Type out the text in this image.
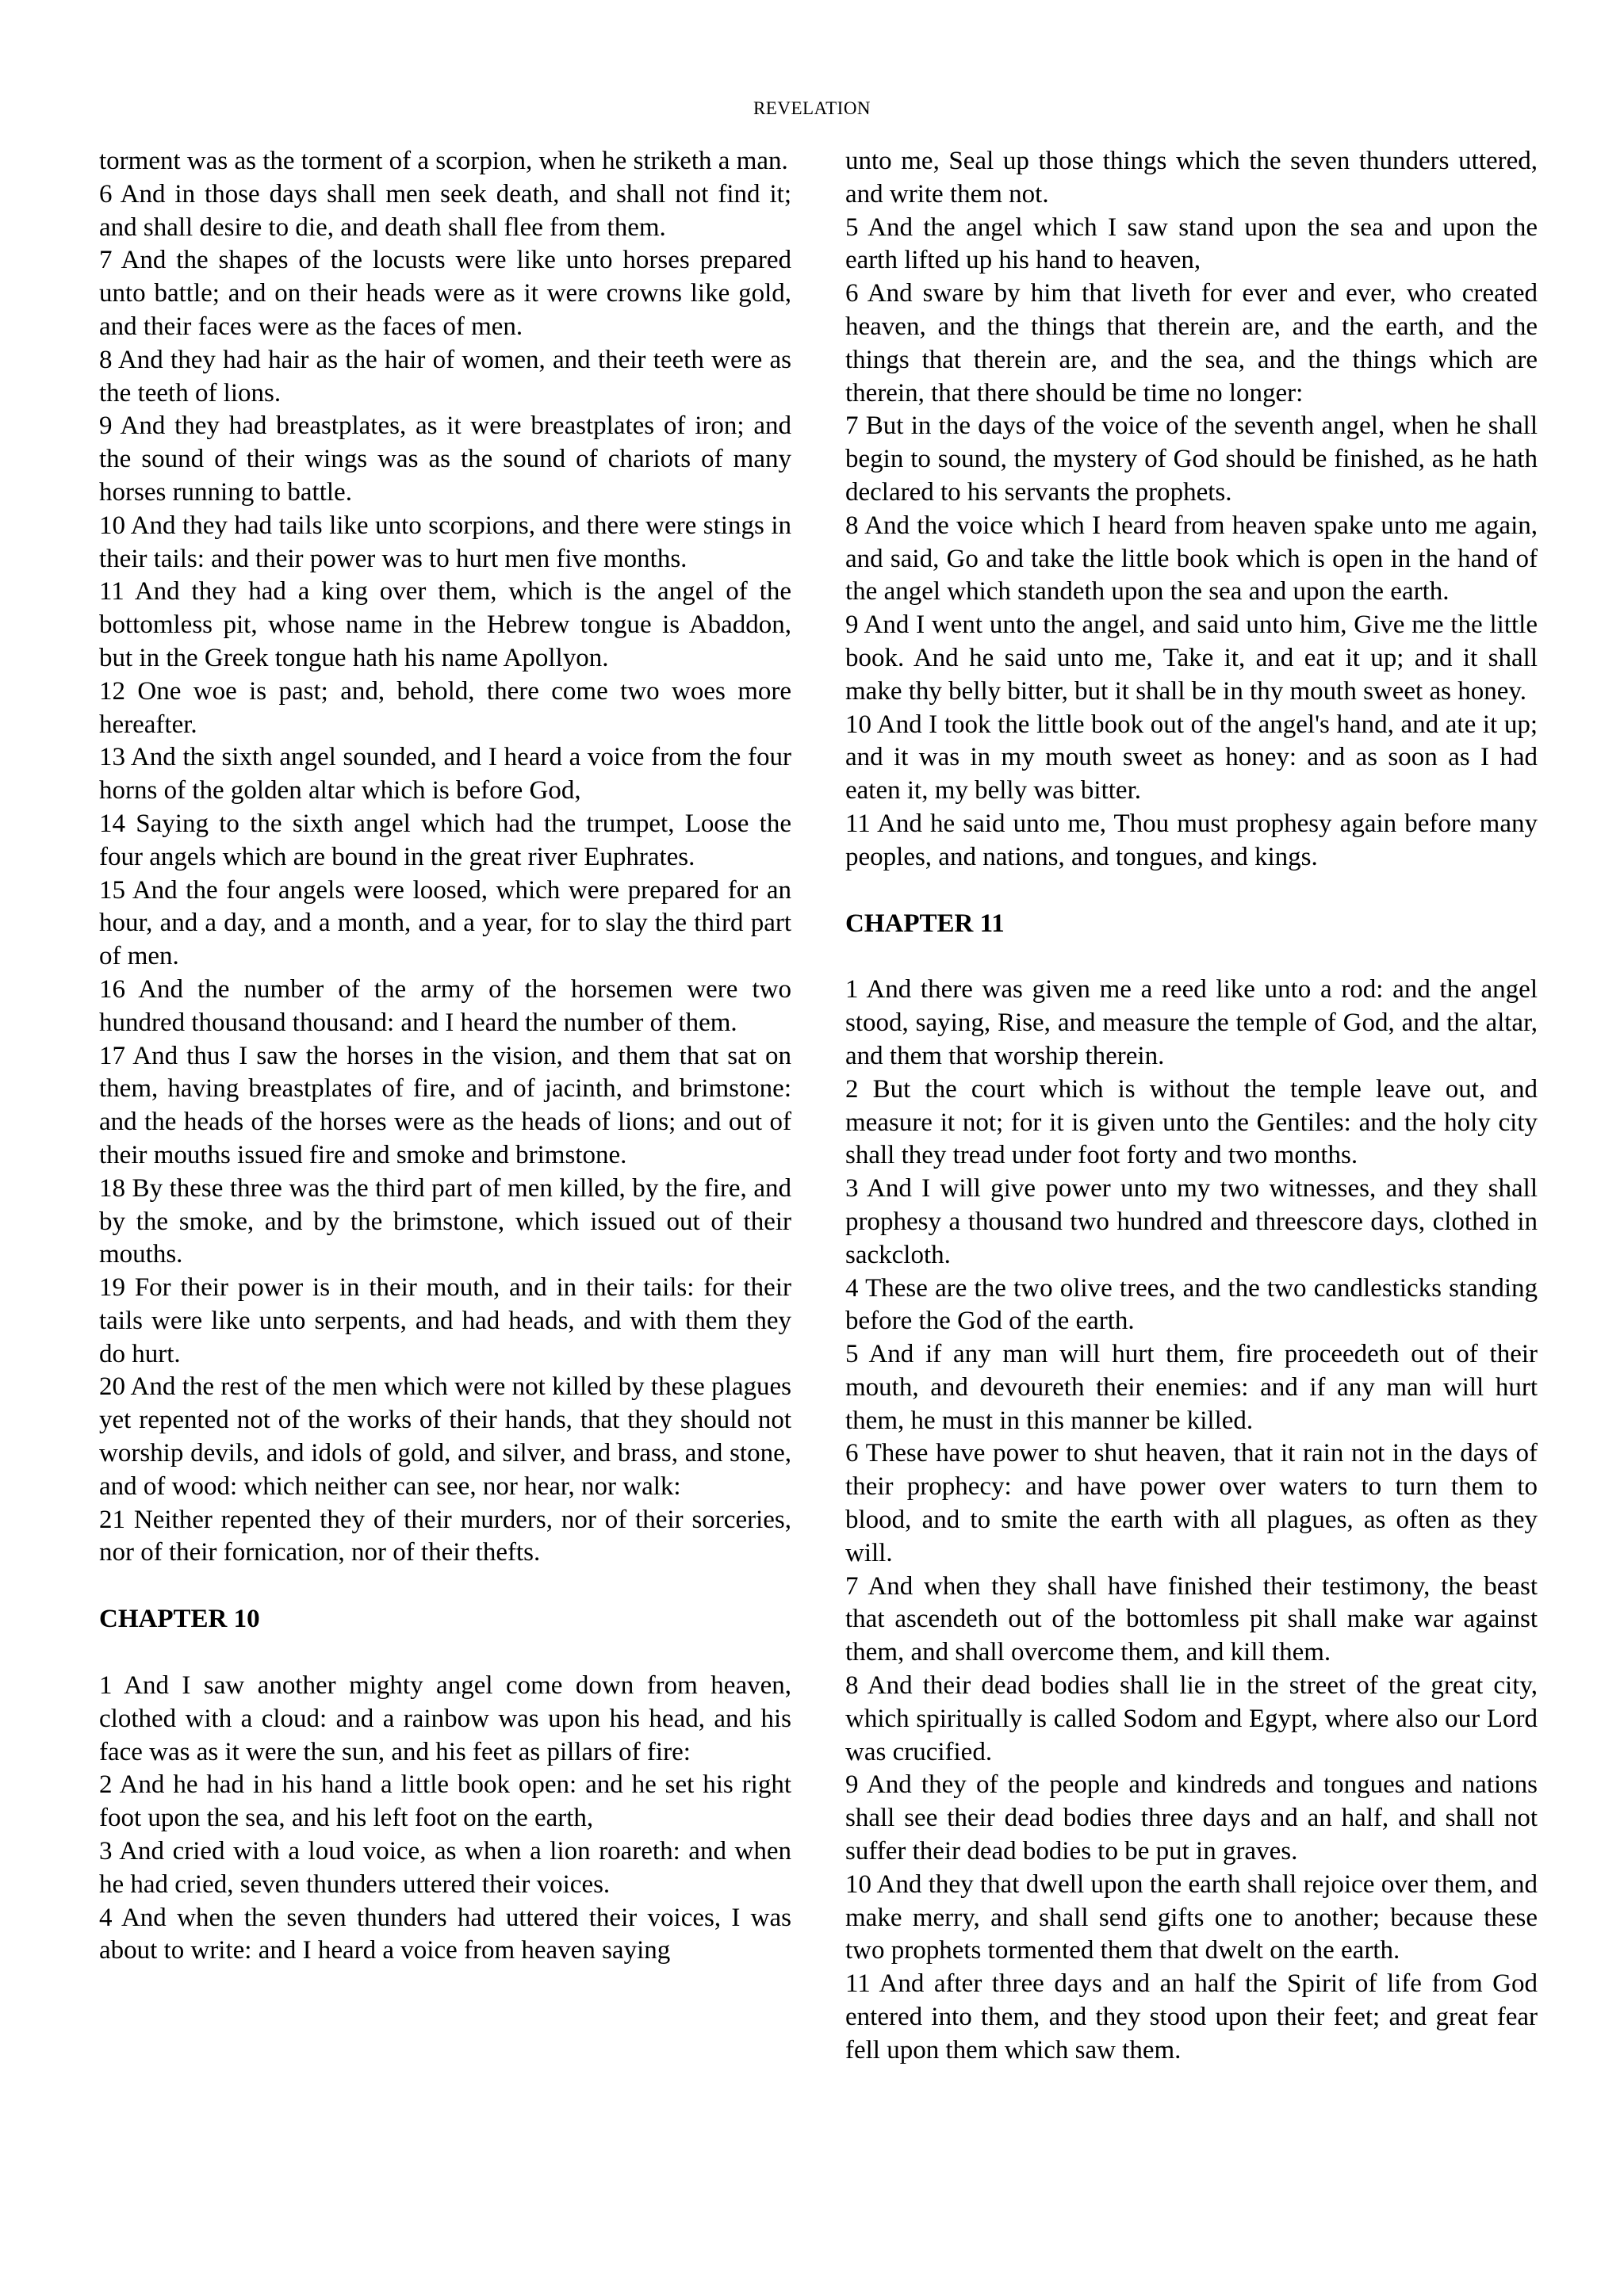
REVELATION

torment was as the torment of a scorpion, when he striketh a man.

6 And in those days shall men seek death, and shall not find it; and shall desire to die, and death shall flee from them.

7 And the shapes of the locusts were like unto horses prepared unto battle; and on their heads were as it were crowns like gold, and their faces were as the faces of men.

8 And they had hair as the hair of women, and their teeth were as the teeth of lions.

9 And they had breastplates, as it were breastplates of iron; and the sound of their wings was as the sound of chariots of many horses running to battle.

10 And they had tails like unto scorpions, and there were stings in their tails: and their power was to hurt men five months.

11 And they had a king over them, which is the angel of the bottomless pit, whose name in the Hebrew tongue is Abaddon, but in the Greek tongue hath his name Apollyon.

12 One woe is past; and, behold, there come two woes more hereafter.

13 And the sixth angel sounded, and I heard a voice from the four horns of the golden altar which is before God,

14 Saying to the sixth angel which had the trumpet, Loose the four angels which are bound in the great river Euphrates.

15 And the four angels were loosed, which were prepared for an hour, and a day, and a month, and a year, for to slay the third part of men.

16 And the number of the army of the horsemen were two hundred thousand thousand: and I heard the number of them.

17 And thus I saw the horses in the vision, and them that sat on them, having breastplates of fire, and of jacinth, and brimstone: and the heads of the horses were as the heads of lions; and out of their mouths issued fire and smoke and brimstone.

18 By these three was the third part of men killed, by the fire, and by the smoke, and by the brimstone, which issued out of their mouths.

19 For their power is in their mouth, and in their tails: for their tails were like unto serpents, and had heads, and with them they do hurt.

20 And the rest of the men which were not killed by these plagues yet repented not of the works of their hands, that they should not worship devils, and idols of gold, and silver, and brass, and stone, and of wood: which neither can see, nor hear, nor walk:

21 Neither repented they of their murders, nor of their sorceries, nor of their fornication, nor of their thefts.

CHAPTER 10

1 And I saw another mighty angel come down from heaven, clothed with a cloud: and a rainbow was upon his head, and his face was as it were the sun, and his feet as pillars of fire:

2 And he had in his hand a little book open: and he set his right foot upon the sea, and his left foot on the earth,

3 And cried with a loud voice, as when a lion roareth: and when he had cried, seven thunders uttered their voices.

4 And when the seven thunders had uttered their voices, I was about to write: and I heard a voice from heaven saying

unto me, Seal up those things which the seven thunders uttered, and write them not.

5 And the angel which I saw stand upon the sea and upon the earth lifted up his hand to heaven,

6 And sware by him that liveth for ever and ever, who created heaven, and the things that therein are, and the earth, and the things that therein are, and the sea, and the things which are therein, that there should be time no longer:

7 But in the days of the voice of the seventh angel, when he shall begin to sound, the mystery of God should be finished, as he hath declared to his servants the prophets.

8 And the voice which I heard from heaven spake unto me again, and said, Go and take the little book which is open in the hand of the angel which standeth upon the sea and upon the earth.

9 And I went unto the angel, and said unto him, Give me the little book. And he said unto me, Take it, and eat it up; and it shall make thy belly bitter, but it shall be in thy mouth sweet as honey.

10 And I took the little book out of the angel's hand, and ate it up; and it was in my mouth sweet as honey: and as soon as I had eaten it, my belly was bitter.

11 And he said unto me, Thou must prophesy again before many peoples, and nations, and tongues, and kings.

CHAPTER 11

1 And there was given me a reed like unto a rod: and the angel stood, saying, Rise, and measure the temple of God, and the altar, and them that worship therein.

2 But the court which is without the temple leave out, and measure it not; for it is given unto the Gentiles: and the holy city shall they tread under foot forty and two months.

3 And I will give power unto my two witnesses, and they shall prophesy a thousand two hundred and threescore days, clothed in sackcloth.

4 These are the two olive trees, and the two candlesticks standing before the God of the earth.

5 And if any man will hurt them, fire proceedeth out of their mouth, and devoureth their enemies: and if any man will hurt them, he must in this manner be killed.

6 These have power to shut heaven, that it rain not in the days of their prophecy: and have power over waters to turn them to blood, and to smite the earth with all plagues, as often as they will.

7 And when they shall have finished their testimony, the beast that ascendeth out of the bottomless pit shall make war against them, and shall overcome them, and kill them.

8 And their dead bodies shall lie in the street of the great city, which spiritually is called Sodom and Egypt, where also our Lord was crucified.

9 And they of the people and kindreds and tongues and nations shall see their dead bodies three days and an half, and shall not suffer their dead bodies to be put in graves.

10 And they that dwell upon the earth shall rejoice over them, and make merry, and shall send gifts one to another; because these two prophets tormented them that dwelt on the earth.

11 And after three days and an half the Spirit of life from God entered into them, and they stood upon their feet; and great fear fell upon them which saw them.
